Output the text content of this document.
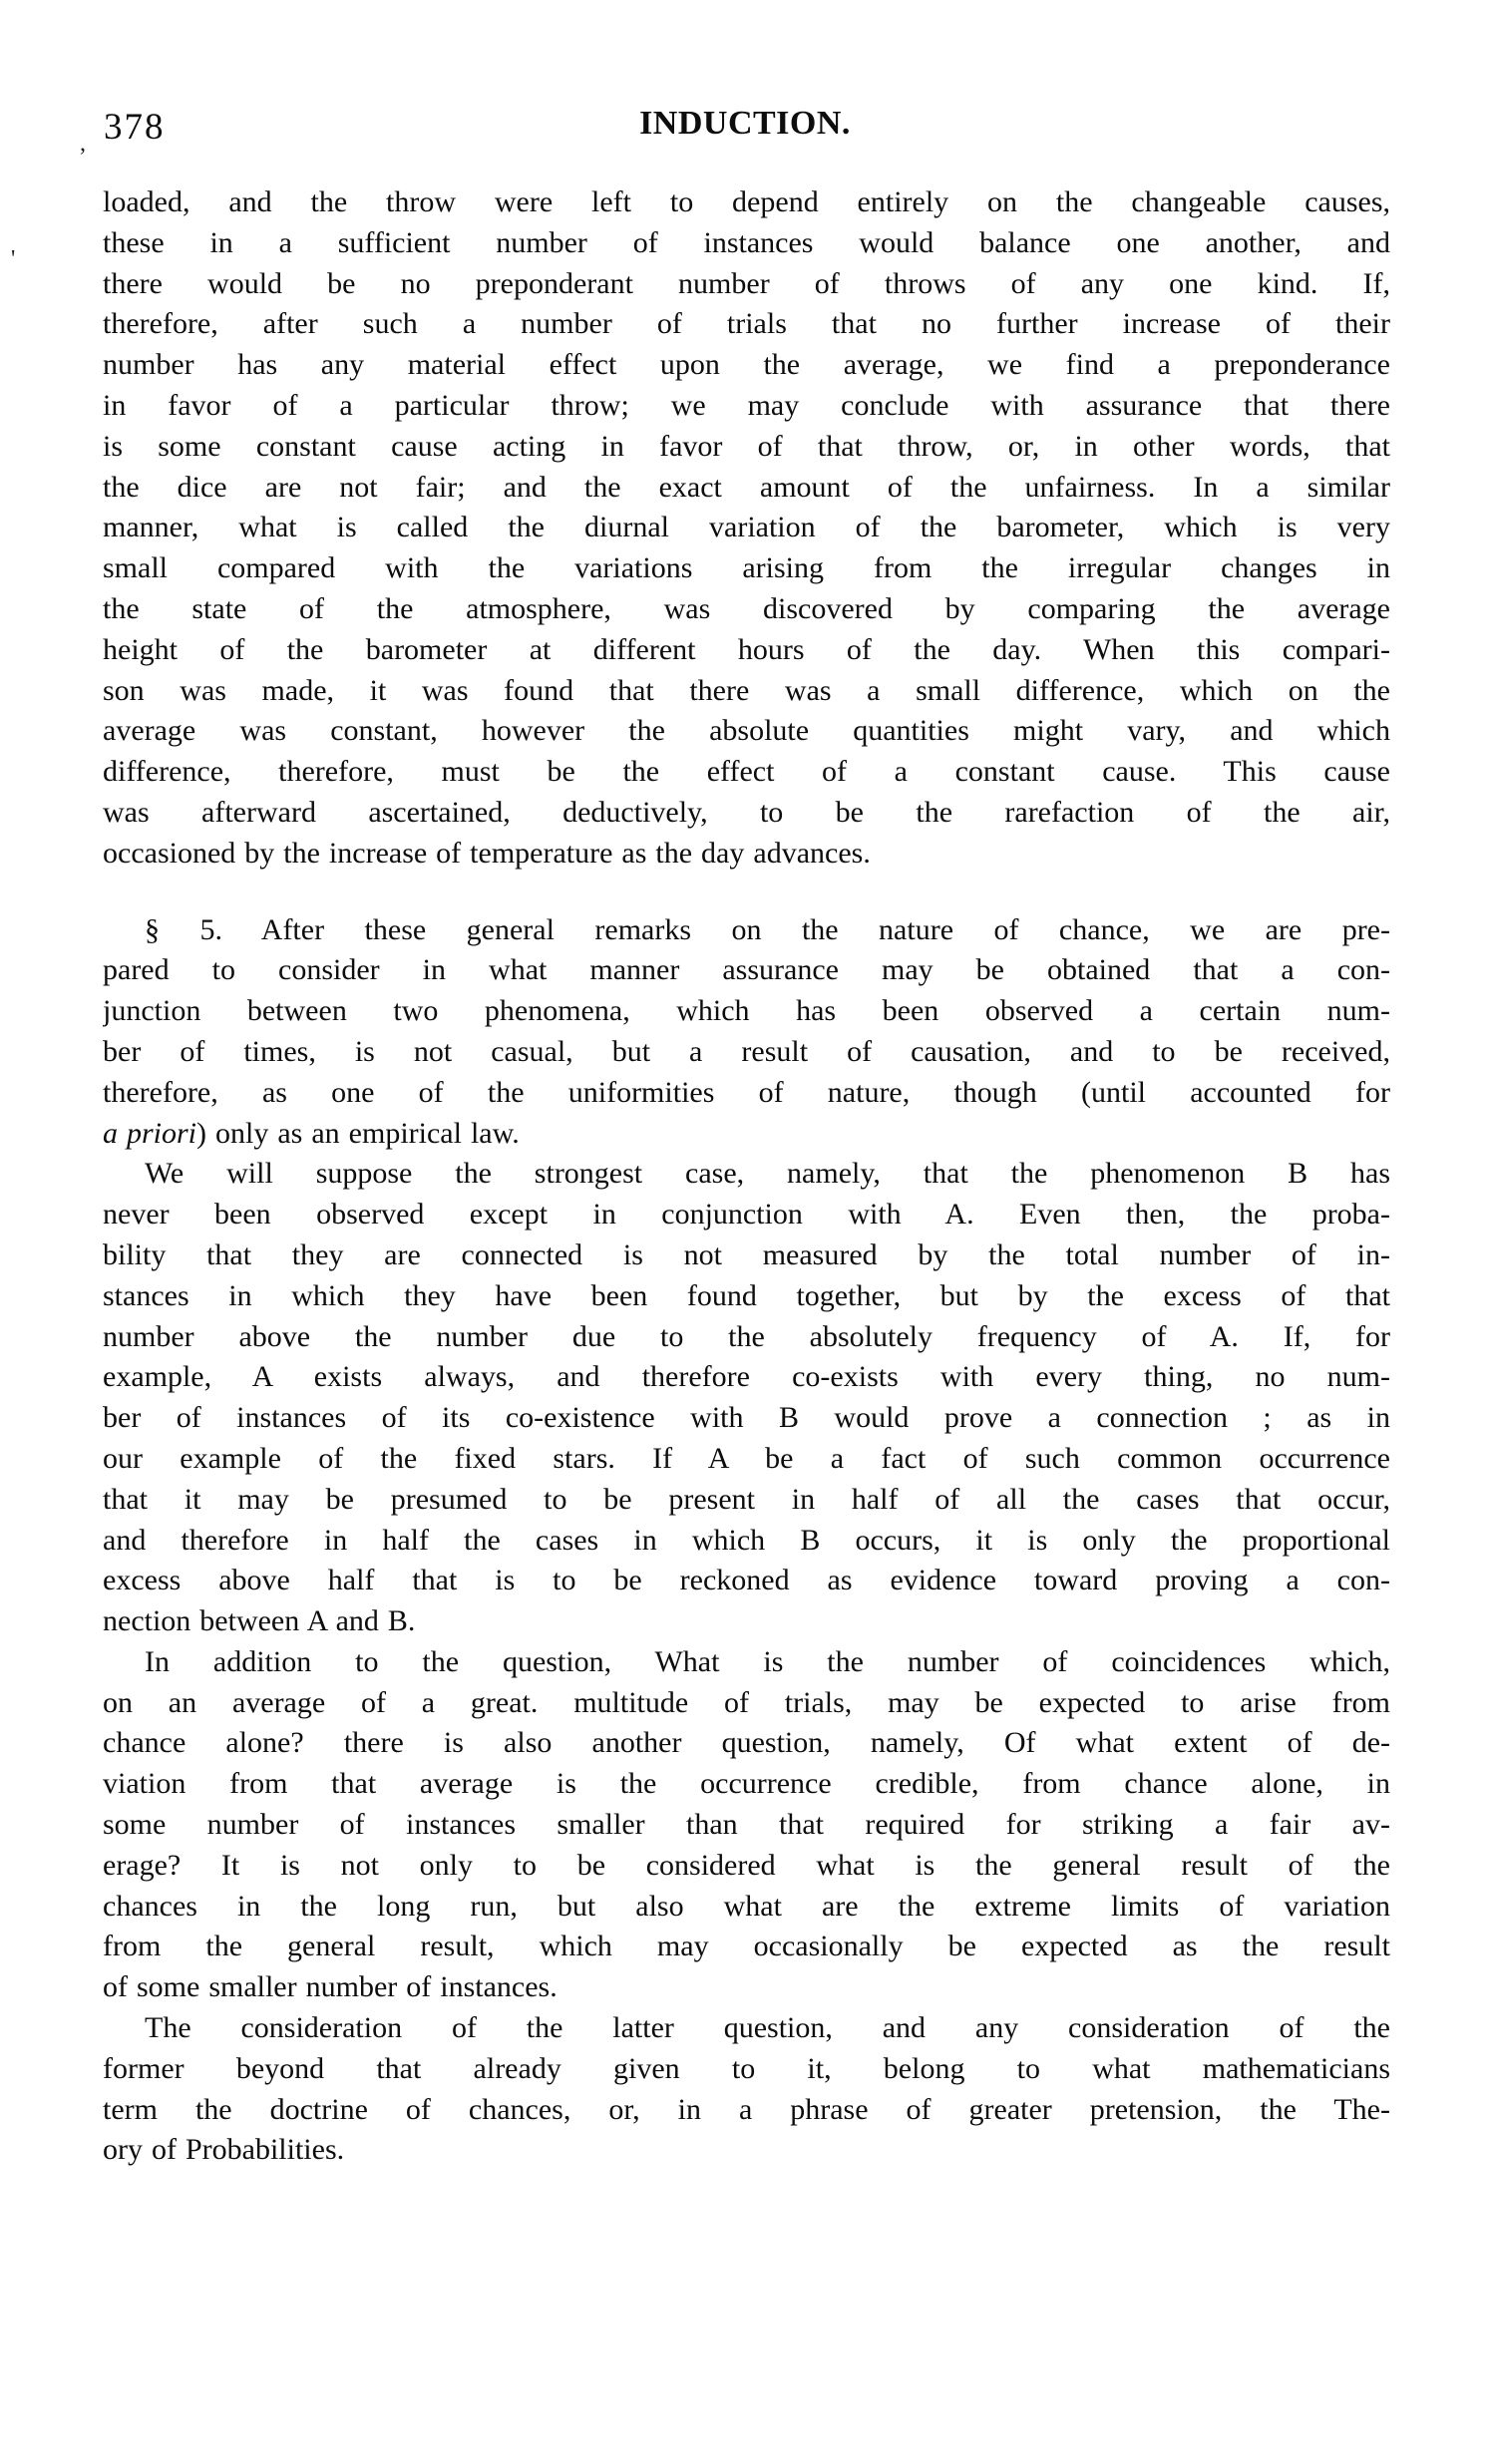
378	INDUCTION.
,
'
loaded, and the throw were left to depend entirely on the changeable causes,
these in a sufficient number of instances would balance one another, and
there would be no preponderant number of throws of any one kind. If,
therefore, after such a number of trials that no further increase of their
number has any material effect upon the average, we find a preponderance
in favor of a particular throw; we may conclude with assurance that there
is some constant cause acting in favor of that throw, or, in other words, that
the dice are not fair; and the exact amount of the unfairness. In a similar
manner, what is called the diurnal variation of the barometer, which is very
small compared with the variations arising from the irregular changes in
the state of the atmosphere, was discovered by comparing the average
height of the barometer at different hours of the day. When this compari-
son was made, it was found that there was a small difference, which on the
average was constant, however the absolute quantities might vary, and which
difference, therefore, must be the effect of a constant cause. This cause
was afterward ascertained, deductively, to be the rarefaction of the air,
occasioned by the increase of temperature as the day advances.
§ 5. After these general remarks on the nature of chance, we are pre-
pared to consider in what manner assurance may be obtained that a con-
junction between two phenomena, which has been observed a certain num-
ber of times, is not casual, but a result of causation, and to be received,
therefore, as one of the uniformities of nature, though (until accounted for
a priori) only as an empirical law.
We will suppose the strongest case, namely, that the phenomenon B has
never been observed except in conjunction with A. Even then, the proba-
bility that they are connected is not measured by the total number of in-
stances in which they have been found together, but by the excess of that
number above the number due to the absolutely frequency of A. If, for
example, A exists always, and therefore co-exists with every thing, no num-
ber of instances of its co-existence with B would prove a connection ; as in
our example of the fixed stars. If A be a fact of such common occurrence
that it may be presumed to be present in half of all the cases that occur,
and therefore in half the cases in which B occurs, it is only the proportional
excess above half that is to be reckoned as evidence toward proving a con-
nection between A and B.
In addition to the question, What is the number of coincidences which,
on an average of a great. multitude of trials, may be expected to arise from
chance alone? there is also another question, namely, Of what extent of de-
viation from that average is the occurrence credible, from chance alone, in
some number of instances smaller than that required for striking a fair av-
erage? It is not only to be considered what is the general result of the
chances in the long run, but also what are the extreme limits of variation
from the general result, which may occasionally be expected as the result
of some smaller number of instances.
The consideration of the latter question, and any consideration of the
former beyond that already given to it, belong to what mathematicians
term the doctrine of chances, or, in a phrase of greater pretension, the The-
ory of Probabilities.
